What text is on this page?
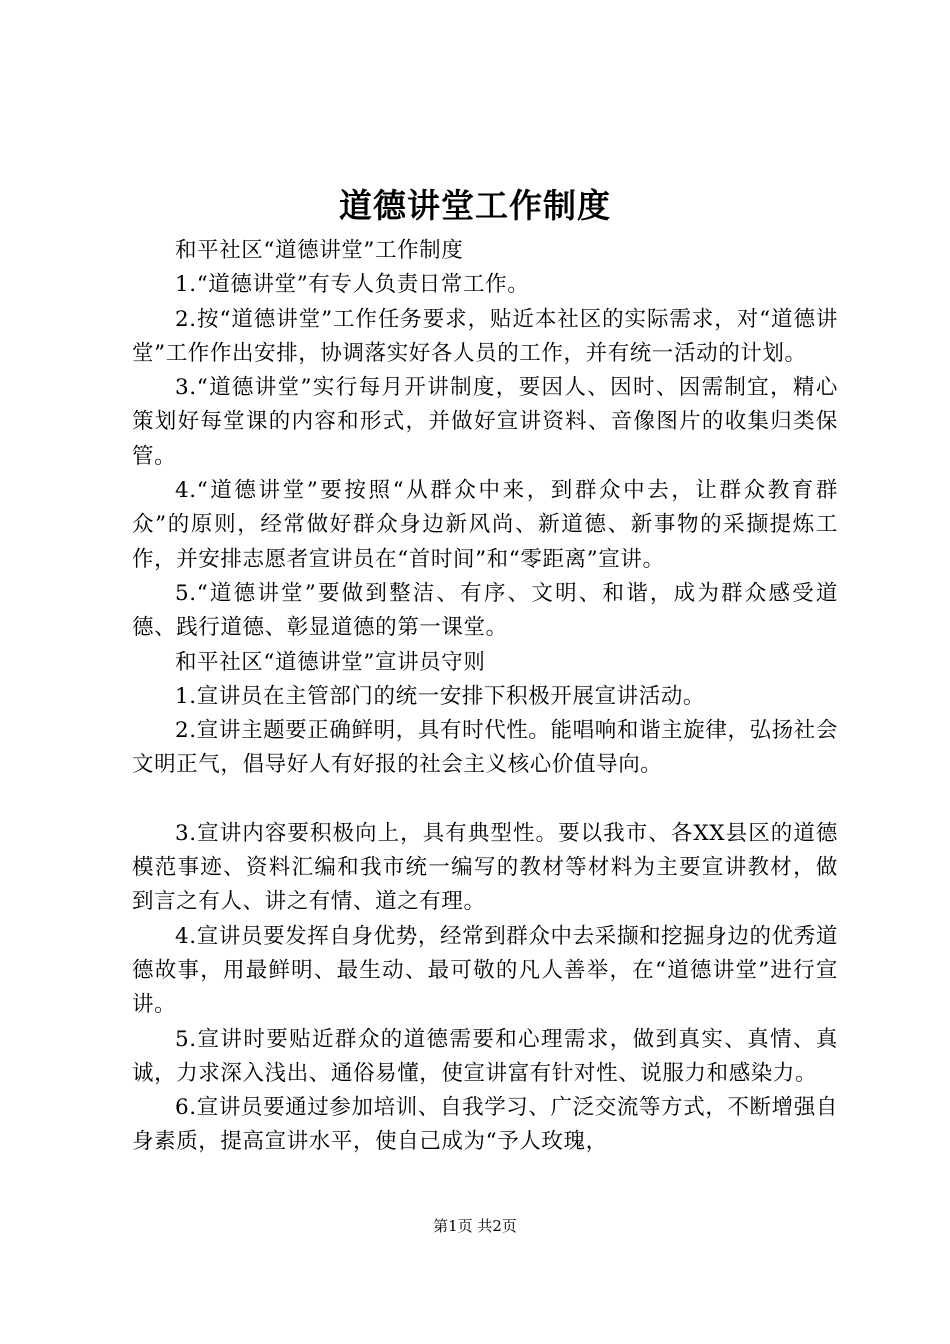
道德讲堂工作制度

和平社区“道德讲堂”工作制度

1.“道德讲堂”有专人负责日常工作。

2.按“道德讲堂”工作任务要求，贴近本社区的实际需求，对“道德讲堂”工作作出安排，协调落实好各人员的工作，并有统一活动的计划。

3.“道德讲堂”实行每月开讲制度，要因人、因时、因需制宜，精心策划好每堂课的内容和形式，并做好宣讲资料、音像图片的收集归类保管。

4.“道德讲堂”要按照“从群众中来，到群众中去，让群众教育群众”的原则，经常做好群众身边新风尚、新道德、新事物的采撷提炼工作，并安排志愿者宣讲员在“首时间”和“零距离”宣讲。

5.“道德讲堂”要做到整洁、有序、文明、和谐，成为群众感受道德、践行道德、彰显道德的第一课堂。

和平社区“道德讲堂”宣讲员守则

1.宣讲员在主管部门的统一安排下积极开展宣讲活动。

2.宣讲主题要正确鲜明，具有时代性。能唱响和谐主旋律，弘扬社会文明正气，倡导好人有好报的社会主义核心价值导向。

3.宣讲内容要积极向上，具有典型性。要以我市、各XX县区的道德模范事迹、资料汇编和我市统一编写的教材等材料为主要宣讲教材，做到言之有人、讲之有情、道之有理。

4.宣讲员要发挥自身优势，经常到群众中去采撷和挖掘身边的优秀道德故事，用最鲜明、最生动、最可敬的凡人善举，在“道德讲堂”进行宣讲。

5.宣讲时要贴近群众的道德需要和心理需求，做到真实、真情、真诚，力求深入浅出、通俗易懂，使宣讲富有针对性、说服力和感染力。

6.宣讲员要通过参加培训、自我学习、广泛交流等方式，不断增强自身素质，提高宣讲水平，使自己成为“予人玫瑰，

第1页 共2页
